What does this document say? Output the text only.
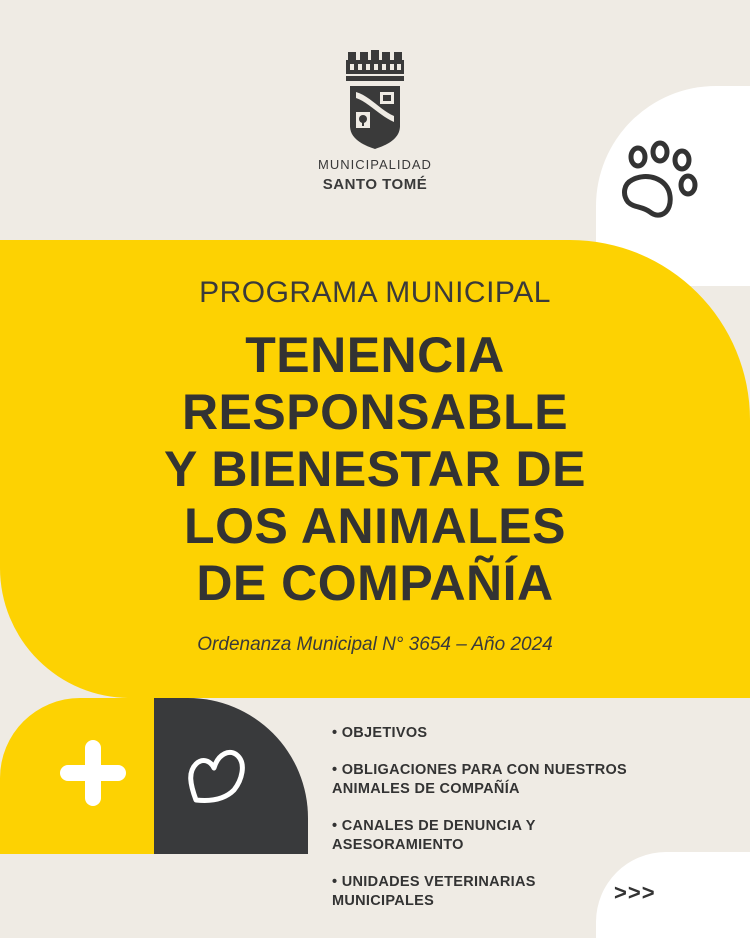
MUNICIPALIDAD
SANTO TOMÉ
PROGRAMA MUNICIPAL
TENENCIA
RESPONSABLE
Y BIENESTAR DE
LOS ANIMALES
DE COMPAÑÍA
Ordenanza Municipal N° 3654 – Año 2024
• OBJETIVOS
• OBLIGACIONES PARA CON NUESTROS ANIMALES DE COMPAÑÍA
• CANALES DE DENUNCIA Y ASESORAMIENTO
• UNIDADES VETERINARIAS MUNICIPALES	>>>
